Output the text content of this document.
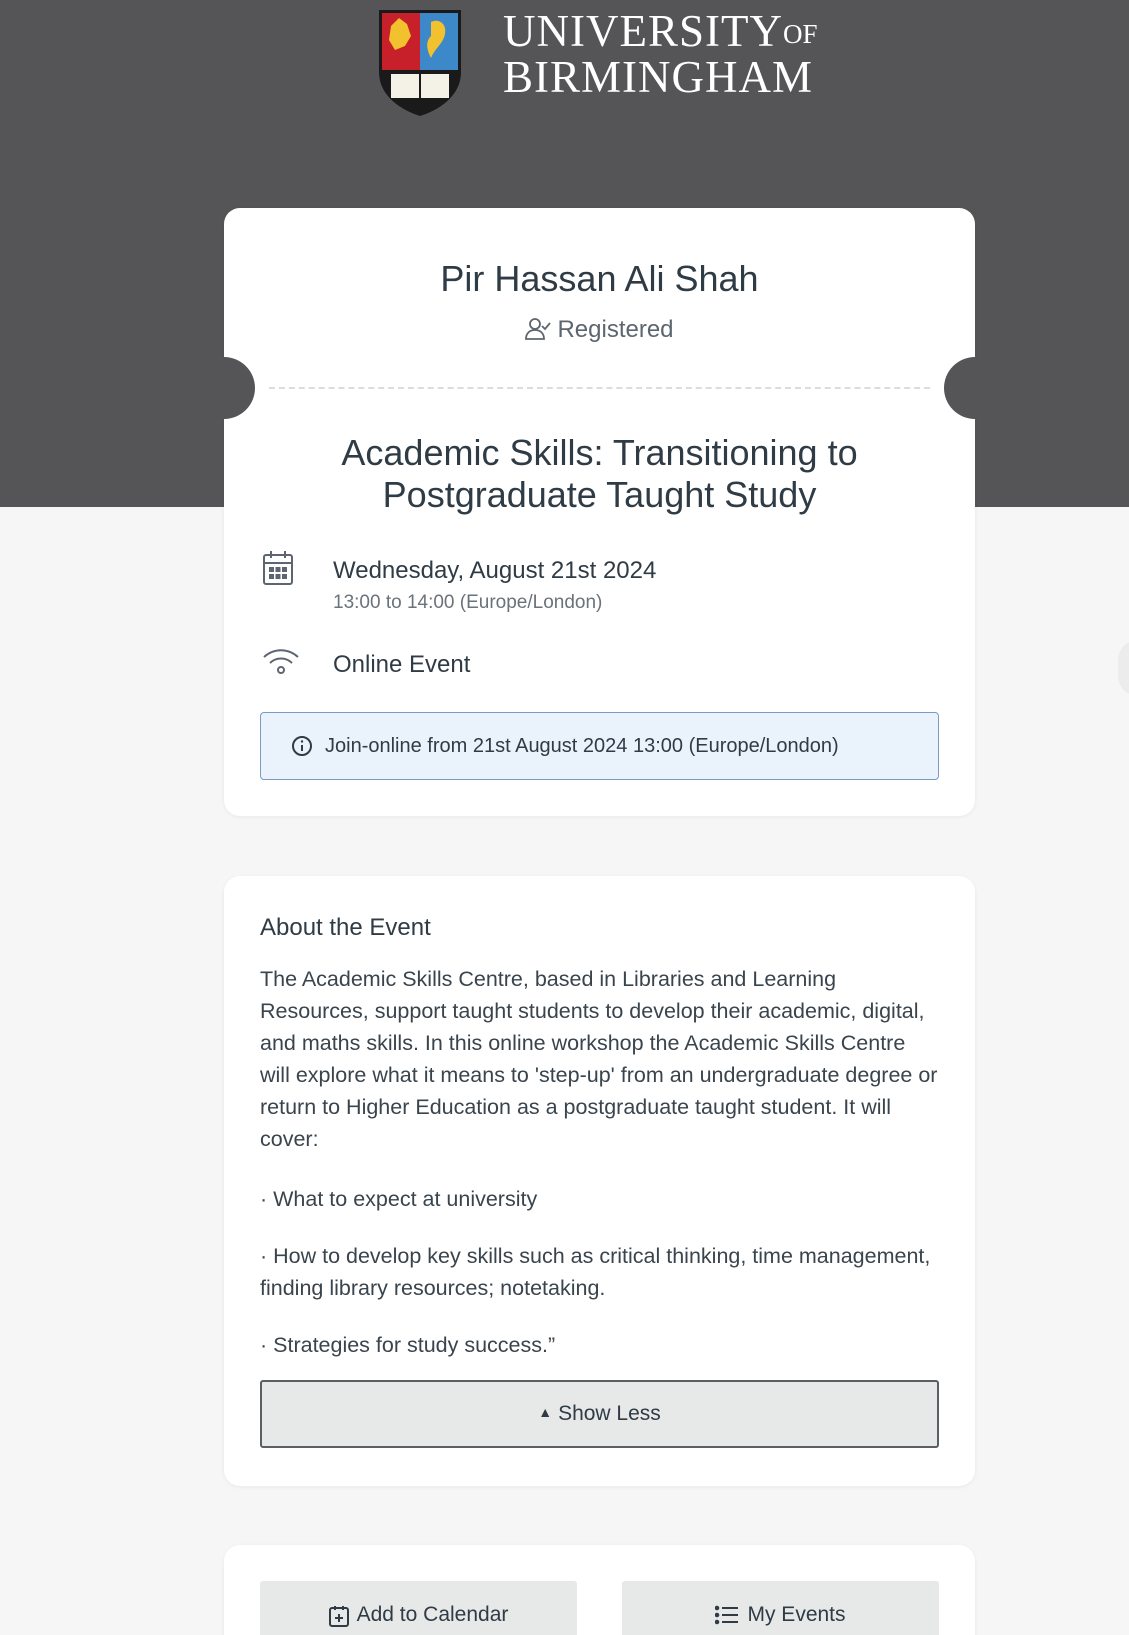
$UNIVERSITY^{OF}$
BIRMINGHAM
Pir Hassan Ali Shah
Registered
Academic Skills: Transitioning to Postgraduate Taught Study
Wednesday, August 21st 2024
13:00 to 14:00 (Europe/London)
Online Event
Join-online from 21st August 2024 13:00 (Europe/London)
About the Event

The Academic Skills Centre, based in Libraries and Learning Resources, support taught students to develop their academic, digital, and maths skills. In this online workshop the Academic Skills Centre will explore what it means to 'step-up' from an undergraduate degree or return to Higher Education as a postgraduate taught student. It will cover:

· What to expect at university

· How to develop key skills such as critical thinking, time management, finding library resources; notetaking.

· Strategies for study success.”

▲ Show Less
Add to Calendar	My Events
